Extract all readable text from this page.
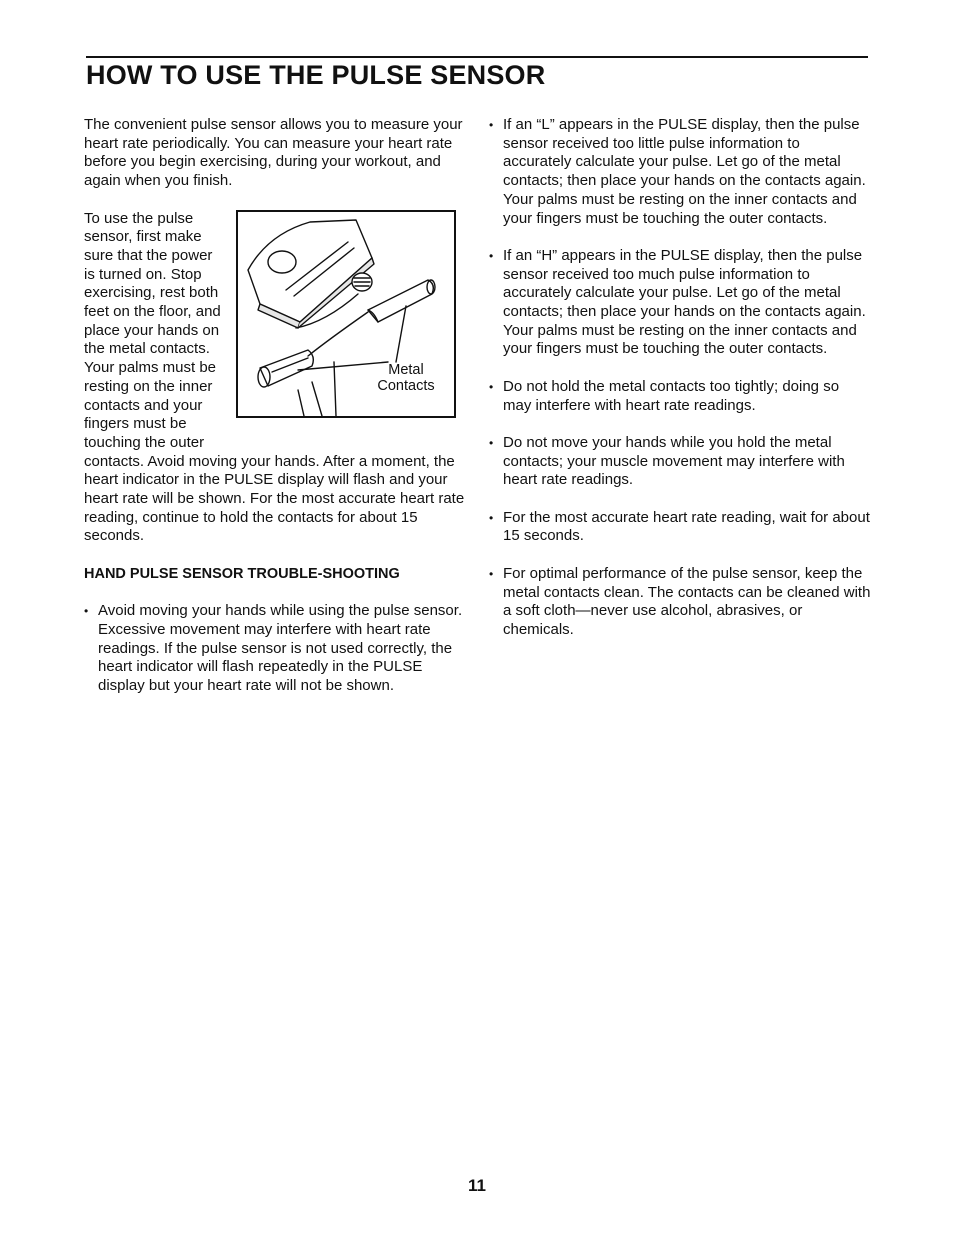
HOW TO USE THE PULSE SENSOR

The convenient pulse sensor allows you to measure your heart rate periodically. You can measure your heart rate before you begin exercising, during your workout, and again when you finish.

Metal
Contacts

To use the pulse sensor, first make sure that the power is turned on. Stop exercising, rest both feet on the floor, and place your hands on the metal contacts. Your palms must be resting on the inner contacts and your fingers must be touching the outer contacts. Avoid moving your hands. After a moment, the heart indicator in the PULSE display will flash and your heart rate will be shown. For the most accurate heart rate reading, continue to hold the contacts for about 15 seconds.

HAND PULSE SENSOR TROUBLE-SHOOTING

• Avoid moving your hands while using the pulse sensor. Excessive movement may interfere with heart rate readings. If the pulse sensor is not used correctly, the heart indicator will flash repeatedly in the PULSE display but your heart rate will not be shown.
• If an “L” appears in the PULSE display, then the pulse sensor received too little pulse information to accurately calculate your pulse. Let go of the metal contacts; then place your hands on the contacts again. Your palms must be resting on the inner contacts and your fingers must be touching the outer contacts.
• If an “H” appears in the PULSE display, then the pulse sensor received too much pulse information to accurately calculate your pulse. Let go of the metal contacts; then place your hands on the contacts again. Your palms must be resting on the inner contacts and your fingers must be touching the outer contacts.
• Do not hold the metal contacts too tightly; doing so may interfere with heart rate readings.
• Do not move your hands while you hold the metal contacts; your muscle movement may interfere with heart rate readings.
• For the most accurate heart rate reading, wait for about 15 seconds.
• For optimal performance of the pulse sensor, keep the metal contacts clean. The contacts can be cleaned with a soft cloth—never use alcohol, abrasives, or chemicals.
11
